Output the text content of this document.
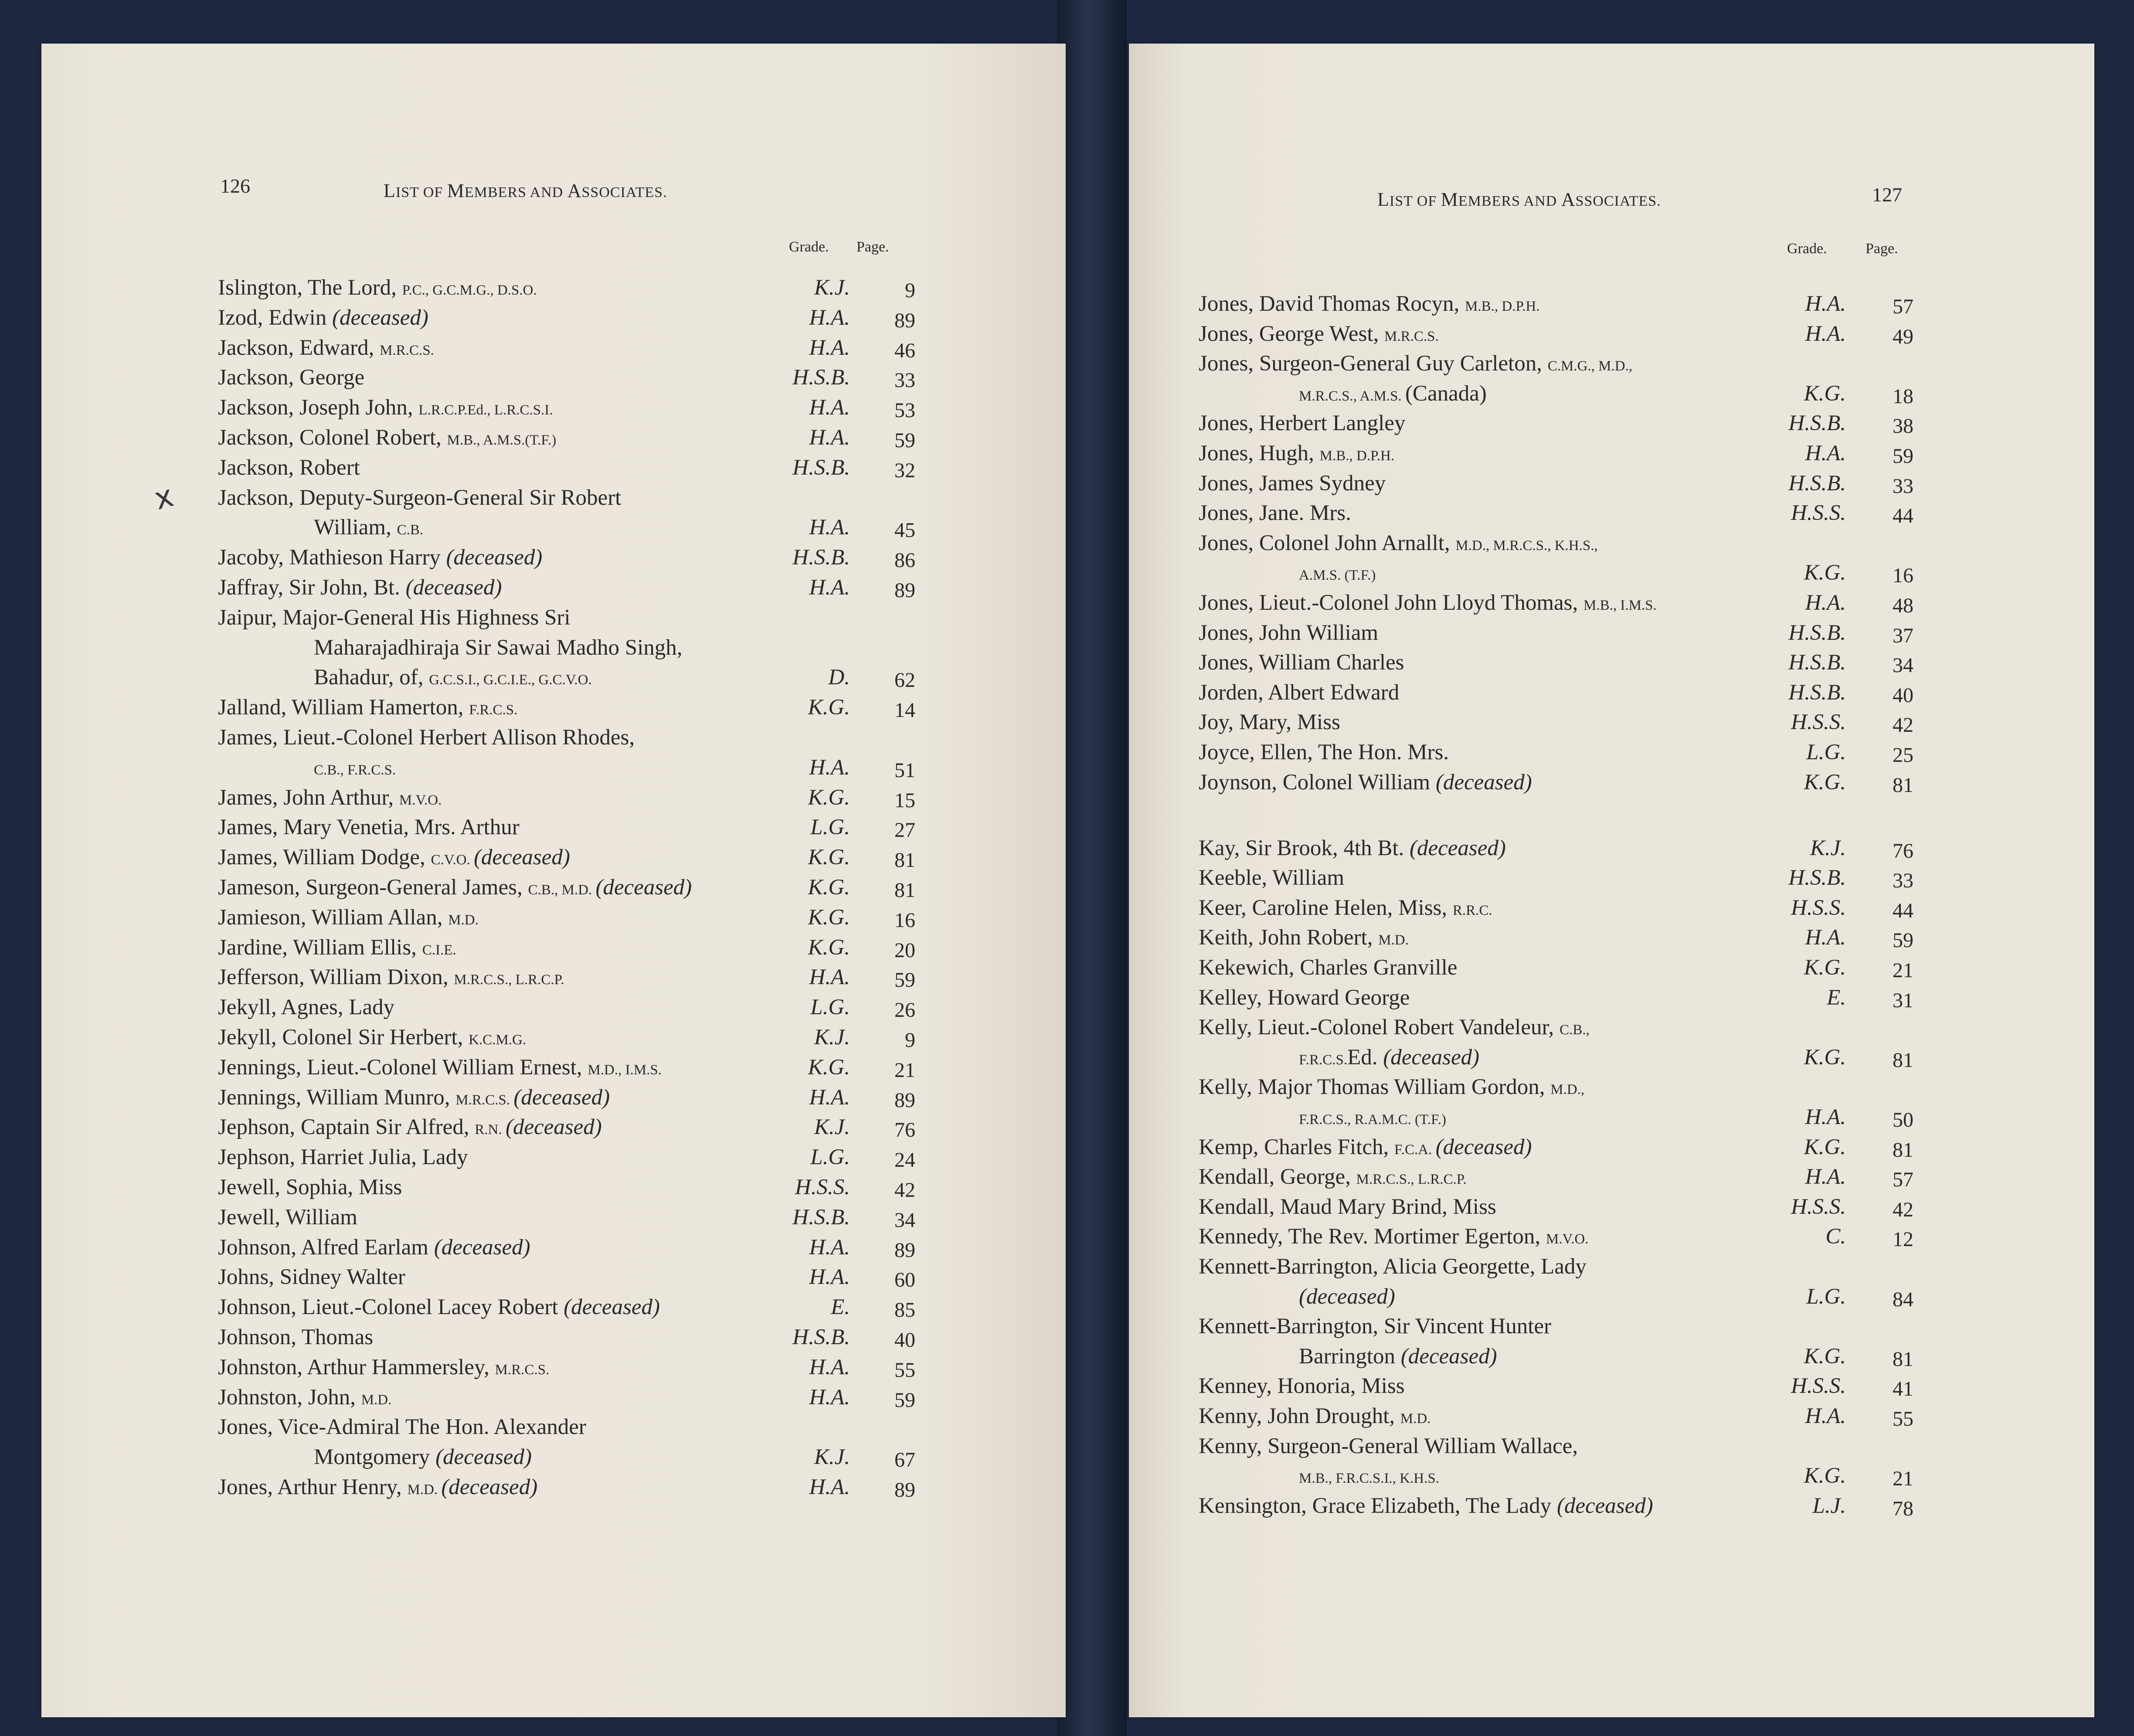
126	LIST OF MEMBERS AND ASSOCIATES.
Grade. Page.
x
Islington, The Lord, P.C., G.C.M.G., D.S.O.	K.J.	9
Izod, Edwin (deceased)	H.A. 89
Jackson, Edward, M.R.C.S.	H.A. 46
Jackson, George	H.S.B. 33
Jackson, Joseph John, L.R.C.P.Ed., L.R.C.S.I.	H.A. 53
Jackson, Colonel Robert, M.B., A.M.S.(T.F.)	H.A. 59
Jackson, Robert	H.S.B. 32
Jackson, Deputy-Surgeon-General Sir Robert
William, C.B.	H.A. 45
Jacoby, Mathieson Harry (deceased)	H.S.B. 86
Jaffray, Sir John, Bt. (deceased)	H.A. 89
Jaipur, Major-General His Highness Sri
Maharajadhiraja Sir Sawai Madho Singh,
Bahadur, of, G.C.S.I., G.C.I.E., G.C.V.O.	D. 62
Jalland, William Hamerton, F.R.C.S.	K.G. 14
James, Lieut.-Colonel Herbert Allison Rhodes,
C.B., F.R.C.S.	H.A. 51
James, John Arthur, M.V.O.	K.G. 15
James, Mary Venetia, Mrs. Arthur	L.G. 27
James, William Dodge, C.V.O. (deceased)	K.G. 81
Jameson, Surgeon-General James, C.B., M.D. (deceased)	K.G. 81
Jamieson, William Allan, M.D.	K.G. 16
Jardine, William Ellis, C.I.E.	K.G. 20
Jefferson, William Dixon, M.R.C.S., L.R.C.P.	H.A. 59
Jekyll, Agnes, Lady	L.G. 26
Jekyll, Colonel Sir Herbert, K.C.M.G.	K.J.	9
Jennings, Lieut.-Colonel William Ernest, M.D., I.M.S.	K.G. 21
Jennings, William Munro, M.R.C.S. (deceased)	H.A. 89
Jephson, Captain Sir Alfred, R.N. (deceased)	K.J. 76
Jephson, Harriet Julia, Lady	L.G. 24
Jewell, Sophia, Miss	H.S.S. 42
Jewell, William	H.S.B. 34
Johnson, Alfred Earlam (deceased)	H.A. 89
Johns, Sidney Walter	H.A. 60
Johnson, Lieut.-Colonel Lacey Robert (deceased)	E. 85
Johnson, Thomas	H.S.B. 40
Johnston, Arthur Hammersley, M.R.C.S.	H.A. 55
Johnston, John, M.D.	H.A. 59
Jones, Vice-Admiral The Hon. Alexander
Montgomery (deceased)	K.J. 67
Jones, Arthur Henry, M.D. (deceased)	H.A. 89
LIST OF MEMBERS AND ASSOCIATES.	127
Grade.	Page.
Jones, David Thomas Rocyn, M.B., D.P.H.	H.A. 57
Jones, George West, M.R.C.S.	H.A. 49
Jones, Surgeon-General Guy Carleton, C.M.G., M.D.,
M.R.C.S., A.M.S. (Canada)	K.G. 18
Jones, Herbert Langley	H.S.B. 38
Jones, Hugh, M.B., D.P.H.	H.A. 59
Jones, James Sydney	H.S.B. 33
Jones, Jane. Mrs.	H.S.S. 44
Jones, Colonel John Arnallt, M.D., M.R.C.S., K.H.S.,
A.M.S. (T.F.)	K.G. 16
Jones, Lieut.-Colonel John Lloyd Thomas, M.B., I.M.S.	H.A. 48
Jones, John William	H.S.B. 37
Jones, William Charles	H.S.B. 34
Jorden, Albert Edward	H.S.B. 40
Joy, Mary, Miss	H.S.S. 42
Joyce, Ellen, The Hon. Mrs.	L.G. 25
Joynson, Colonel William (deceased)	K.G. 81
Kay, Sir Brook, 4th Bt. (deceased)	K.J. 76
Keeble, William	H.S.B. 33
Keer, Caroline Helen, Miss, R.R.C.	H.S.S. 44
Keith, John Robert, M.D.	H.A. 59
Kekewich, Charles Granville	K.G. 21
Kelley, Howard George	E. 31
Kelly, Lieut.-Colonel Robert Vandeleur, C.B.,
F.R.C.S.Ed. (deceased)	K.G. 81
Kelly, Major Thomas William Gordon, M.D.,
F.R.C.S., R.A.M.C. (T.F.)	H.A. 50
Kemp, Charles Fitch, F.C.A. (deceased)	K.G. 81
Kendall, George, M.R.C.S., L.R.C.P.	H.A. 57
Kendall, Maud Mary Brind, Miss	H.S.S. 42
Kennedy, The Rev. Mortimer Egerton, M.V.O.	C. 12
Kennett-Barrington, Alicia Georgette, Lady
(deceased)	L.G. 84
Kennett-Barrington, Sir Vincent Hunter
Barrington (deceased)	K.G. 81
Kenney, Honoria, Miss	H.S.S. 41
Kenny, John Drought, M.D.	H.A. 55
Kenny, Surgeon-General William Wallace,
M.B., F.R.C.S.I., K.H.S.	K.G. 21
Kensington, Grace Elizabeth, The Lady (deceased)	L.J. 78
